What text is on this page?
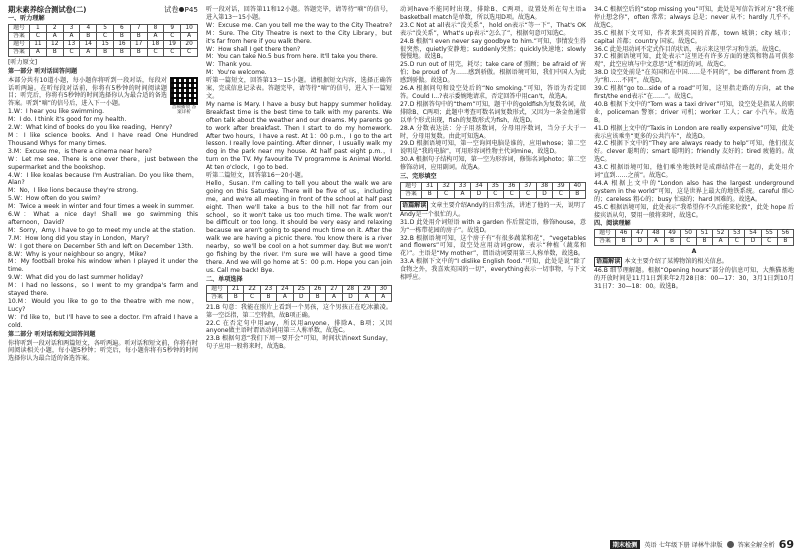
期末素养综合测试卷(二)	试卷 P45
一、听力理解
题号	1	2	3	4	5	6	7	8	9	10
答案	C	A	A	B	C	B	B	A	C	A
题号	11	12	13	14	15	16	17	18	19	20
答案	A	B	C	A	B	B	B	C	C	C
[听力原文]
第一部分 听对话回答问题
音频播放 答案详析

本部分共有10道小题，每小题你将听到一段对话，每段对话听两遍。在听每段对话前，你将有5秒钟的时间阅读题目；听完后，你将有5秒钟的时间选择你认为最合适的备选答案。听到“嘀”的信号后，进入下一小题。

1.W：I hear you like swimming.

M：I do. I think it's good for my health.

2.W：What kind of books do you like reading，Henry?

M：I like science books. And I have read One Hundred Thousand Whys for many times.

3.M：Excuse me，is there a cinema near here?

W：Let me see. There is one over there，just between the supermarket and the bookshop.

4.W：I like koalas because I'm Australian. Do you like them，Alan?

M：No，I like lions because they're strong.

5.W：How often do you swim?

M：Twice a week in winter and four times a week in summer.

6.W：What a nice day! Shall we go swimming this afternoon，David?

M：Sorry，Amy. I have to go to meet my uncle at the station.

7.M：How long did you stay in London，Mary?

W：I got there on December 5th and left on December 13th.

8.W：Why is your neighbour so angry，Mike?

M：My football broke his window when I played it under the time.

9.W：What did you do last summer holiday?

M：I had no lessons，so I went to my grandpa's farm and stayed there.

10.M：Would you like to go to the theatre with me now，Lucy?

W：I'd like to，but I'll have to see a doctor. I'm afraid I have a cold.

第二部分 听对话和短文回答问题

你将听到一段对话和两篇短文，各听两遍。听对话和短文前，你将有时间阅读相关小题，每小题5秒钟；听完后，每小题你将有5秒钟的时间选择你认为最合适的备选答案。

听一段对话，回答第11和12小题。答题完毕，请等待“嘀”的信号，进入第13～15小题。

W：Excuse me. Can you tell me the way to the City Theatre?

M：Sure. The City Theatre is next to the City Library，but it's far from here if you walk there.

W：How shall I get there then?

M：You can take No.5 bus from here. It'll take you there.

W：Thank you.

M：You're welcome.

听第一篇短文，回答第13～15小题。请根据短文内容，选择正确答案，完成信息记录表。答题完毕，请等待“嘀”的信号，进入下一篇短文。

My name is Mary. I have a busy but happy summer holiday. Breakfast time is the best time to talk with my parents. We often talk about the weather and our dreams. My parents go to work after breakfast. Then I start to do my homework. After two hours，I have a rest. At 1：00 p.m.，I go to the art lesson. I really love painting. After dinner，I usually walk my dog in the park near my house. At half past eight p.m.，I turn on the TV. My favourite TV programme is Animal World. At ten o'clock，I go to bed.

听第二篇短文，回答第16～20小题。

Hello，Susan. I'm calling to tell you about the walk we are going on this Saturday. There will be five of us，including me，and we're all meeting in front of the school at half past eight. Then we'll take a bus to the hill not far from our school，so it won't take us too much time. The walk won't be difficult or too long. It should be very easy and relaxing because we aren't going to spend much time on it. After the walk we are having a picnic there. You know there is a river nearby，so we'll be cool on a hot summer day. But we won't go fishing by the river. I'm sure we will have a good time there. And we will go home at 5：00 p.m. Hope you can join us. Call me back! Bye.

二、单项选择
题号	21	22	23	24	25	26	27	28	29	30
答案	B	C	B	A	D	B	A	D	A	A

21.B 句意：我能在照片上看到一个男孩，这个男孩正在吃冰激凌。第一空泛指，第二空特指，故B项正确。

22.C 在否定句中用any，所以用anyone，排除A、B项；又因anyone做主语时谓语动词用第三人称单数，故选C。

23.B 根据句意“我们下周一要开会”可知，时间状语next Sunday，句子应用一般将来时，故选B。

动词have不能同时出现，排除B、C两项，设置处所在句主语a basketball match是单数，所以选用D项。故选A。

23.C Not at all表示“没关系”，hold on表示“等一下”，That's OK表示“没关系”，What's up表示“怎么了”，根据句意可知选C。

24.B 根据“I even never say goodbye to him.”可知，事情发生得很突然，quietly安静地；suddenly突然；quickly快速地；slowly慢慢地。故选B。

25.D run out of 用完，耗尽；take care of 照顾；be afraid of 害怕；be proud of 为……感到骄傲。根据语境可知，我们中国人为此感到骄傲。故选D。

26.A 根据问句和设空处后的“No smoking.”可知，答语为否定回答。Could I...?表示委婉地请求，否定回答中用can't，故选A。

27.D 根据答句中的“them”可知，题干中的goldfish为复数名词，故排除B、C两项；此题中考查可数名词复数形式，又因为一条金鱼通常以单个形式出现，fish的复数形式为fish，故选D。

28.A 分数表达法：分子用基数词，分母用序数词，当分子大于一时，分母用复数。由此可知选A。

29.D 根据语境可知，第一空询问电脑是谁的，应用whose；第二空说明是“我的电脑”，可用形容词性物主代词mine，故选D。

30.A 根据句子结构可知，第一空为形容词，修饰名词photo；第二空修饰动词，应用副词。故选A。

三、完形填空
题号	31	32	33	34	35	36	37	38	39	40
答案	B	C	A	D	C	C	C	D	C	B

语篇解读 文章主要介绍Andy的日常生活，讲述了他的一天，说明了Andy是一个很忙的人。

31.D 此处用介词短语 with a garden 作后置定语，修饰house，意为“一栋带花园的房子”。故选D。

32.B 根据语境可知，这个房子有“有很多蔬菜和花”，“vegetables and flowers”可知，设空处应用动词grow，表示“种植（蔬菜和花）”。主语是“My mother”，谓语动词要用第三人称单数，故选B。

33.A 根据下文中的“I dislike English food.”可知，此处是说“除了食物之外，我喜欢英国的一切”，everything表示一切事物，与下文相呼应。

34.C 根据空后的“stop missing you”可知，此处是写信告诉对方“我不能停止想念你”，often 常常；always 总是；never 从不；hardly 几乎不。故选C。

35.C 根据下文可知，作者来到英国的首都，town 城镇；city 城市；capital 首都；country 国家。故选C。

36.C 此处用动词不定式作目的状语，表示来这里学习和生活。故选C。

37.C 根据语境可知，此处表示“这里还有许多方面的建筑和物品可供参观”，此空应填与中文意思“近”相近的词，故选C。

38.D 设空处前是“在英国和在中国……是不同的”，be different from 意为“和……不同”，故选D。

39.C 根据“go to...side of a road”可知，这里指走路的方向，at the first/the end表示“在……”。故选C。

40.B 根据下文中的“Tom was a taxi driver”可知，设空处是指某人的职业，policeman 警察；driver 司机；worker 工人；car 小汽车。故选B。

41.D 根据上文中的“Taxis in London are really expensive”可知，此处表示应该乘坐“更多的公共汽车”，故选D。

42.C 根据下文中的“They are always ready to help”可知，他们很友好。clever 聪明的；smart 聪明的；friendly 友好的；tired 疲倦的。故选C。

43.C 根据语境可知，他们乘坐地铁时是成群结伴在一起的，此处用介词“直到……之前”。故选C。

44.A 根据上文中的“London also has the largest underground system in the world”可知，这是世界上最大的地铁系统。careful 细心的；careless 粗心的；busy 忙碌的；hard 困难的。故选A。

45.C 根据语境可知，此处表示“我希望你不久后能来伦敦”，此处 hope 后接宾语从句，要用一般将来时，故选C。

四、阅读理解
题号	46	47	48	49	50	51	52	53	54	55	56
答案	B	D	A	B	C	B	A	C	D	C	B
A

语篇解读 本文主要介绍了某博物馆的相关信息。

46.B 细节理解题。根据“Opening hours”部分的信息可知，大熊猫基地的开放时间是11月1日到来年2月28日8：00—17：30，3月1日到10月31日7：30—18：00。故选B。

期末检测	英语 七年级下册 译林牛津版 答案全解全析 69
